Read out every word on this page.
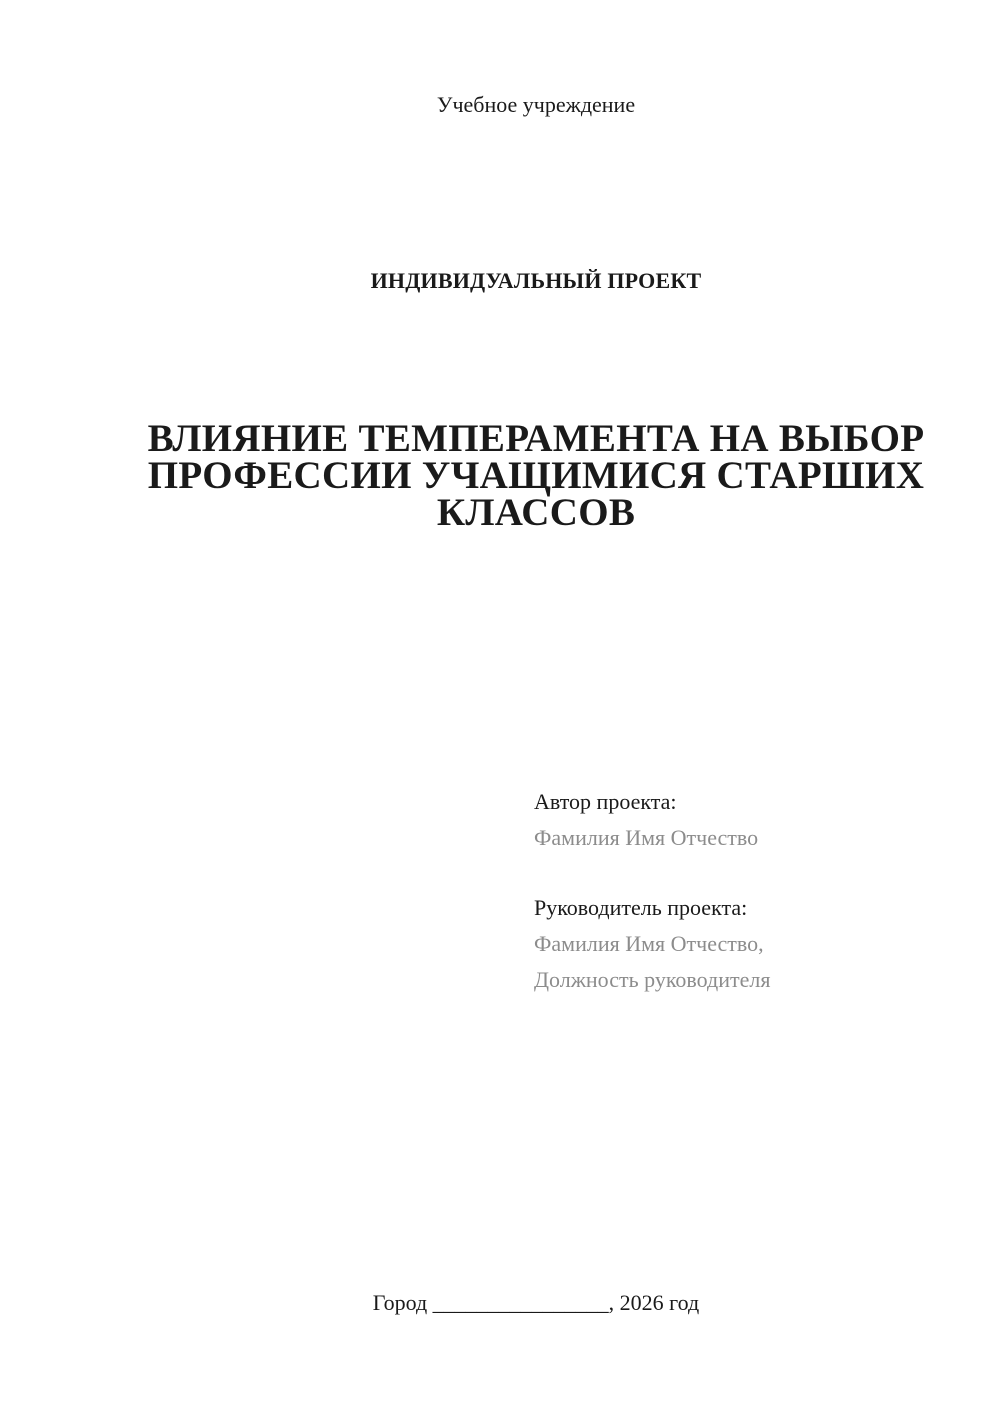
Учебное учреждение
ИНДИВИДУАЛЬНЫЙ ПРОЕКТ
ВЛИЯНИЕ ТЕМПЕРАМЕНТА НА ВЫБОР
ПРОФЕССИИ УЧАЩИМИСЯ СТАРШИХ
КЛАССОВ
Автор проекта:
Фамилия Имя Отчество
Руководитель проекта:
Фамилия Имя Отчество,
Должность руководителя
Город ________________, 2026 год
